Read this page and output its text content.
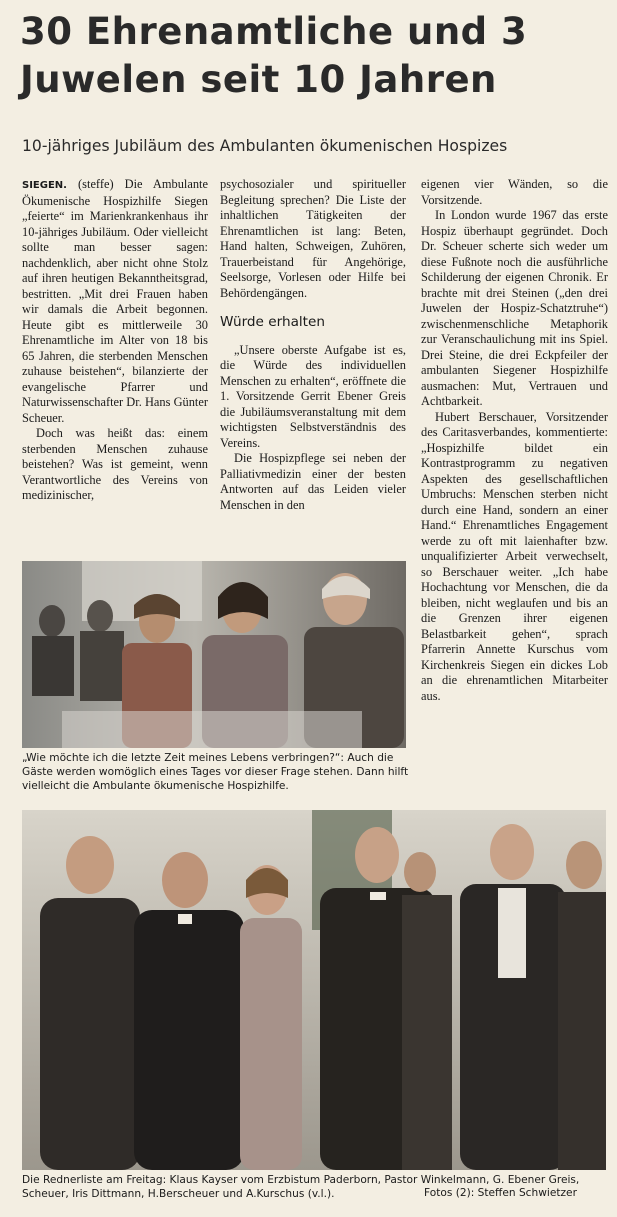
30 Ehrenamtliche und 3
Juwelen seit 10 Jahren

10-jähriges Jubiläum des Ambulanten ökumenischen Hospizes

SIEGEN. (steffe) Die Ambulante Ökumenische Hospizhilfe Siegen „feierte“ im Marienkrankenhaus ihr 10-jähriges Jubiläum. Oder vielleicht sollte man besser sagen: nachdenklich, aber nicht ohne Stolz auf ihren heutigen Bekanntheitsgrad, bestritten. „Mit drei Frauen haben wir damals die Arbeit begonnen. Heute gibt es mittlerweile 30 Ehrenamtliche im Alter von 18 bis 65 Jahren, die sterbenden Menschen zuhause beistehen“, bilanzierte der evangelische Pfarrer und Naturwissenschafter Dr. Hans Günter Scheuer.

Doch was heißt das: einem sterbenden Menschen zuhause beistehen? Was ist gemeint, wenn Verantwortliche des Vereins von medizinischer,

psychosozialer und spiritueller Begleitung sprechen? Die Liste der inhaltlichen Tätigkeiten der Ehrenamtlichen ist lang: Beten, Hand halten, Schweigen, Zuhören, Trauerbeistand für Angehörige, Seelsorge, Vorlesen oder Hilfe bei Behördengängen.

Würde erhalten

„Unsere oberste Aufgabe ist es, die Würde des individuellen Menschen zu erhalten“, eröffnete die 1. Vorsitzende Gerrit Ebener Greis die Jubiläumsveranstaltung mit dem wichtigsten Selbstverständnis des Vereins.

Die Hospizpflege sei neben der Palliativmedizin einer der besten Antworten auf das Leiden vieler Menschen in den

eigenen vier Wänden, so die Vorsitzende.

In London wurde 1967 das erste Hospiz überhaupt gegründet. Doch Dr. Scheuer scherte sich weder um diese Fußnote noch die ausführliche Schilderung der eigenen Chronik. Er brachte mit drei Steinen („den drei Juwelen der Hospiz-Schatztruhe“) zwischenmenschliche Metaphorik zur Veranschaulichung mit ins Spiel. Drei Steine, die drei Eckpfeiler der ambulanten Siegener Hospizhilfe ausmachen: Mut, Vertrauen und Achtbarkeit.

Hubert Berschauer, Vorsitzender des Caritasverbandes, kommentierte: „Hospizhilfe bildet ein Kontrastprogramm zu negativen Aspekten des gesellschaftlichen Umbruchs: Menschen sterben nicht durch eine Hand, sondern an einer Hand.“ Ehrenamtliches Engagement werde zu oft mit laienhafter bzw. unqualifizierter Arbeit verwechselt, so Berschauer weiter. „Ich habe Hochachtung vor Menschen, die da bleiben, nicht weglaufen und bis an die Grenzen ihrer eigenen Belastbarkeit gehen“, sprach Pfarrerin Annette Kurschus vom Kirchenkreis Siegen ein dickes Lob an die ehrenamtlichen Mitarbeiter aus.

„Wie möchte ich die letzte Zeit meines Lebens verbringen?“: Auch die Gäste werden womöglich eines Tages vor dieser Frage stehen. Dann hilft vielleicht die Ambulante ökumenische Hospizhilfe.
Die Rednerliste am Freitag: Klaus Kayser vom Erzbistum Paderborn, Pastor Winkelmann, G. Ebener Greis, Scheuer, Iris Dittmann, H.Berscheuer und A.Kurschus (v.l.).	Fotos (2): Steffen Schwietzer
